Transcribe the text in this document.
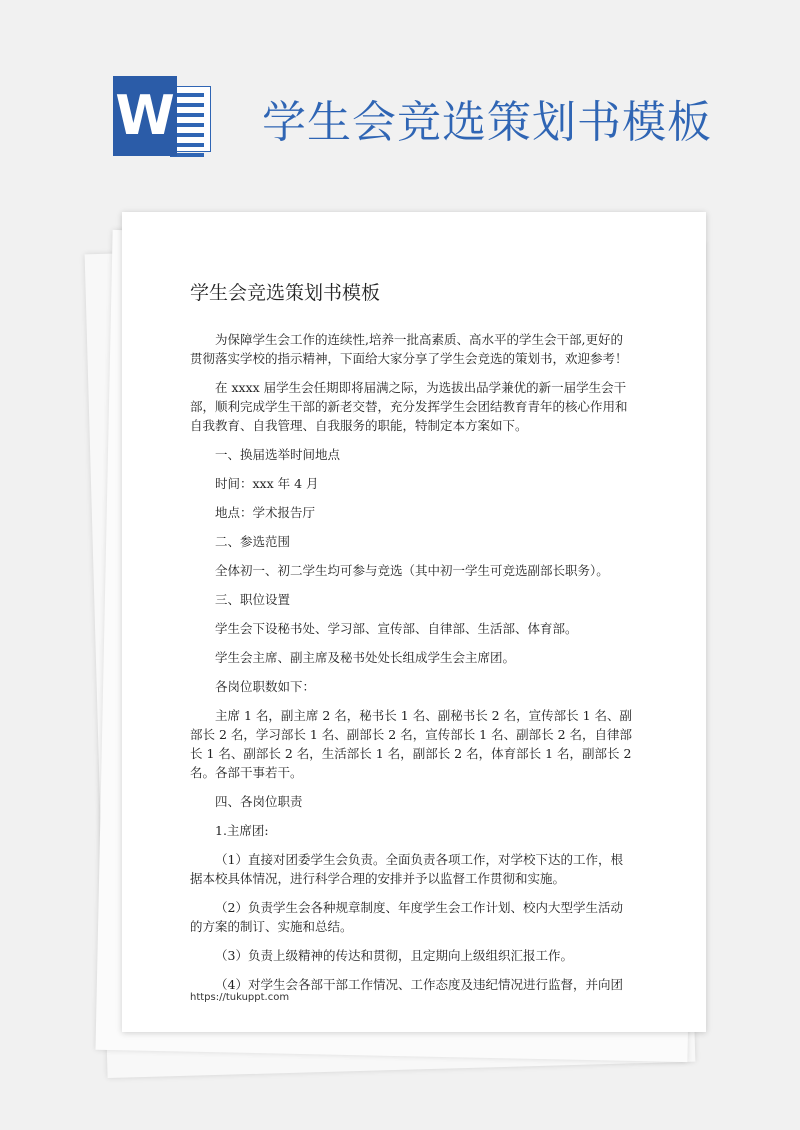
W 学生会竞选策划书模板
学生会竞选策划书模板

为保障学生会工作的连续性,培养一批高素质、高水平的学生会干部,更好的贯彻落实学校的指示精神，下面给大家分享了学生会竞选的策划书，欢迎参考！

在 xxxx 届学生会任期即将届满之际，为选拔出品学兼优的新一届学生会干部，顺利完成学生干部的新老交替，充分发挥学生会团结教育青年的核心作用和自我教育、自我管理、自我服务的职能，特制定本方案如下。

一、换届选举时间地点

时间：xxx 年 4 月

地点：学术报告厅

二、参选范围

全体初一、初二学生均可参与竞选（其中初一学生可竞选副部长职务）。

三、职位设置

学生会下设秘书处、学习部、宣传部、自律部、生活部、体育部。

学生会主席、副主席及秘书处处长组成学生会主席团。

各岗位职数如下：

主席 1 名，副主席 2 名，秘书长 1 名、副秘书长 2 名，宣传部长 1 名、副部长 2 名，学习部长 1 名、副部长 2 名，宣传部长 1 名、副部长 2 名，自律部长 1 名、副部长 2 名，生活部长 1 名，副部长 2 名，体育部长 1 名，副部长 2 名。各部干事若干。

四、各岗位职责

1.主席团:

（1）直接对团委学生会负责。全面负责各项工作，对学校下达的工作，根据本校具体情况，进行科学合理的安排并予以监督工作贯彻和实施。

（2）负责学生会各种规章制度、年度学生会工作计划、校内大型学生活动的方案的制订、实施和总结。

（3）负责上级精神的传达和贯彻，且定期向上级组织汇报工作。

（4）对学生会各部干部工作情况、工作态度及违纪情况进行监督，并向团

https://tukuppt.com
